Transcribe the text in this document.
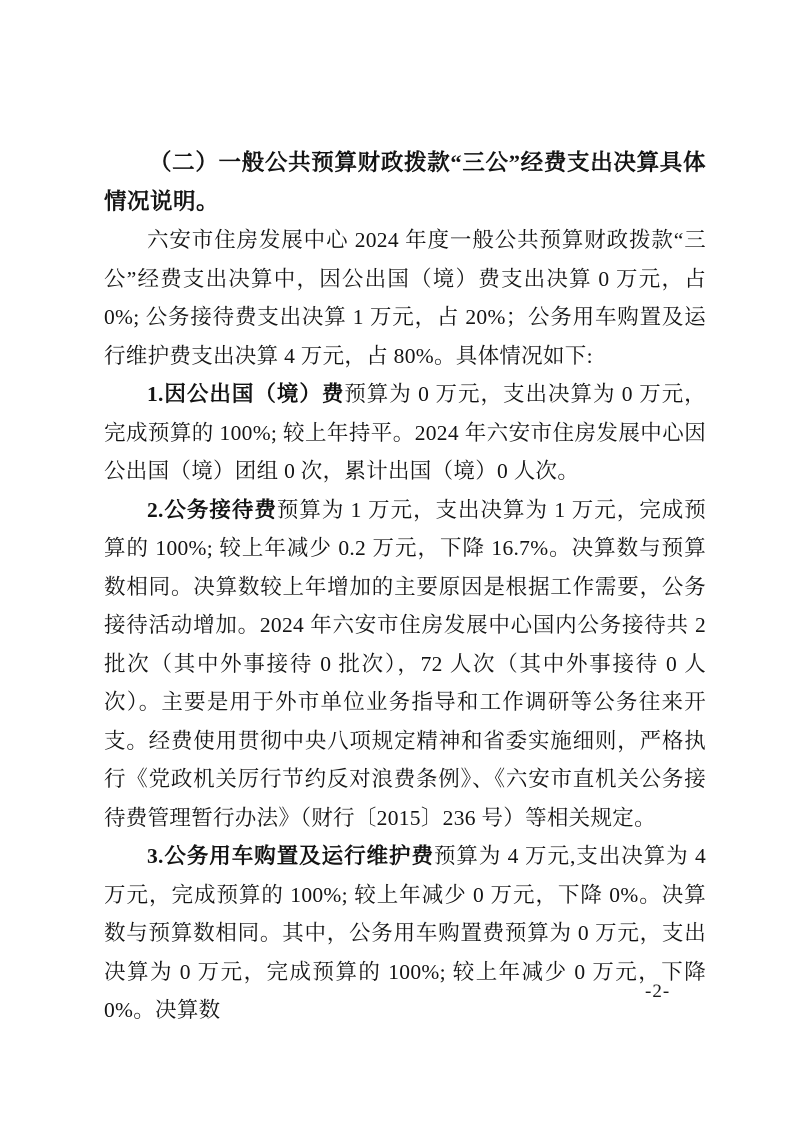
（二）一般公共预算财政拨款“三公”经费支出决算具体情况说明。

六安市住房发展中心 2024 年度一般公共预算财政拨款“三公”经费支出决算中，因公出国（境）费支出决算 0 万元，占 0%; 公务接待费支出决算 1 万元，占 20%；公务用车购置及运行维护费支出决算 4 万元，占 80%。具体情况如下:

1.因公出国（境）费预算为 0 万元，支出决算为 0 万元，完成预算的 100%; 较上年持平。2024 年六安市住房发展中心因公出国（境）团组 0 次，累计出国（境）0 人次。

2.公务接待费预算为 1 万元，支出决算为 1 万元，完成预算的 100%; 较上年减少 0.2 万元，下降 16.7%。决算数与预算数相同。决算数较上年增加的主要原因是根据工作需要，公务接待活动增加。2024 年六安市住房发展中心国内公务接待共 2 批次（其中外事接待 0 批次），72 人次（其中外事接待 0 人次）。主要是用于外市单位业务指导和工作调研等公务往来开支。经费使用贯彻中央八项规定精神和省委实施细则，严格执行《党政机关厉行节约反对浪费条例》、《六安市直机关公务接待费管理暂行办法》（财行〔2015〕236 号）等相关规定。

3.公务用车购置及运行维护费预算为 4 万元,支出决算为 4 万元，完成预算的 100%; 较上年减少 0 万元，下降 0%。决算数与预算数相同。其中，公务用车购置费预算为 0 万元，支出决算为 0 万元，完成预算的 100%; 较上年减少 0 万元，下降 0%。决算数

-2-
